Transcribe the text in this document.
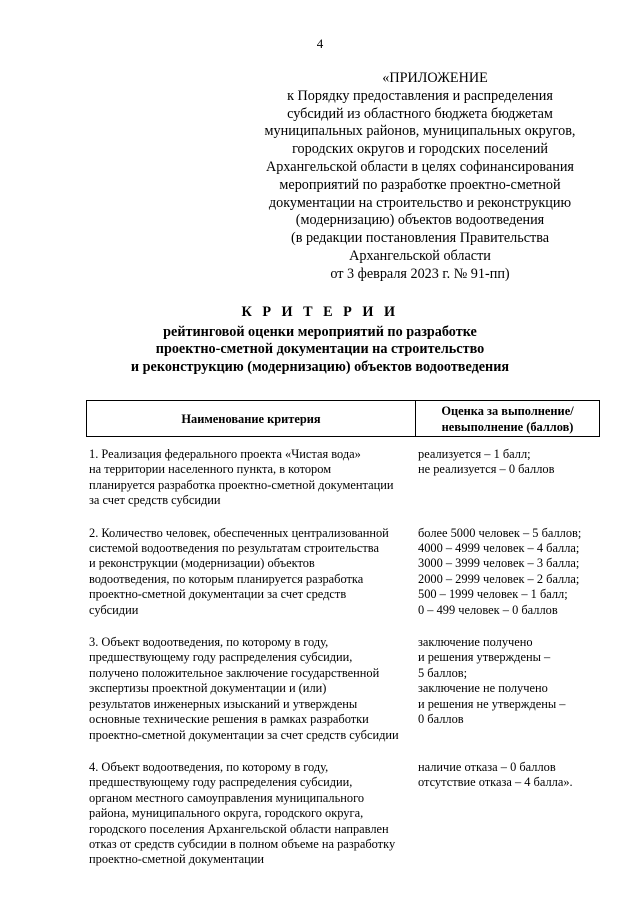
4
«ПРИЛОЖЕНИЕ
к Порядку предоставления и распределения
субсидий из областного бюджета бюджетам
муниципальных районов, муниципальных округов,
городских округов и городских поселений
Архангельской области в целях софинансирования
мероприятий по разработке проектно-сметной
документации на строительство и реконструкцию
(модернизацию) объектов водоотведения
(в редакции постановления Правительства
Архангельской области
от 3 февраля 2023 г. № 91-пп)
К Р И Т Е Р И И
рейтинговой оценки мероприятий по разработке
проектно-сметной документации на строительство
и реконструкцию (модернизацию) объектов водоотведения
Наименование критерия
Оценка за выполнение/
невыполнение (баллов)
1. Реализация федерального проекта «Чистая вода»
на территории населенного пункта, в котором
планируется разработка проектно-сметной документации
за счет средств субсидии
реализуется – 1 балл;
не реализуется – 0 баллов
2. Количество человек, обеспеченных централизованной
системой водоотведения по результатам строительства
и реконструкции (модернизации) объектов
водоотведения, по которым планируется разработка
проектно-сметной документации за счет средств
субсидии
более 5000 человек – 5 баллов;
4000 – 4999 человек – 4 балла;
3000 – 3999 человек – 3 балла;
2000 – 2999 человек – 2 балла;
500 – 1999 человек – 1 балл;
0 – 499 человек – 0 баллов
3. Объект водоотведения, по которому в году,
предшествующему году распределения субсидии,
получено положительное заключение государственной
экспертизы проектной документации и (или)
результатов инженерных изысканий и утверждены
основные технические решения в рамках разработки
проектно-сметной документации за счет средств субсидии
заключение получено
и решения утверждены –
5 баллов;
заключение не получено
и решения не утверждены –
0 баллов
4. Объект водоотведения, по которому в году,
предшествующему году распределения субсидии,
органом местного самоуправления муниципального
района, муниципального округа, городского округа,
городского поселения Архангельской области направлен
отказ от средств субсидии в полном объеме на разработку
проектно-сметной документации
наличие отказа – 0 баллов
отсутствие отказа – 4 балла».
